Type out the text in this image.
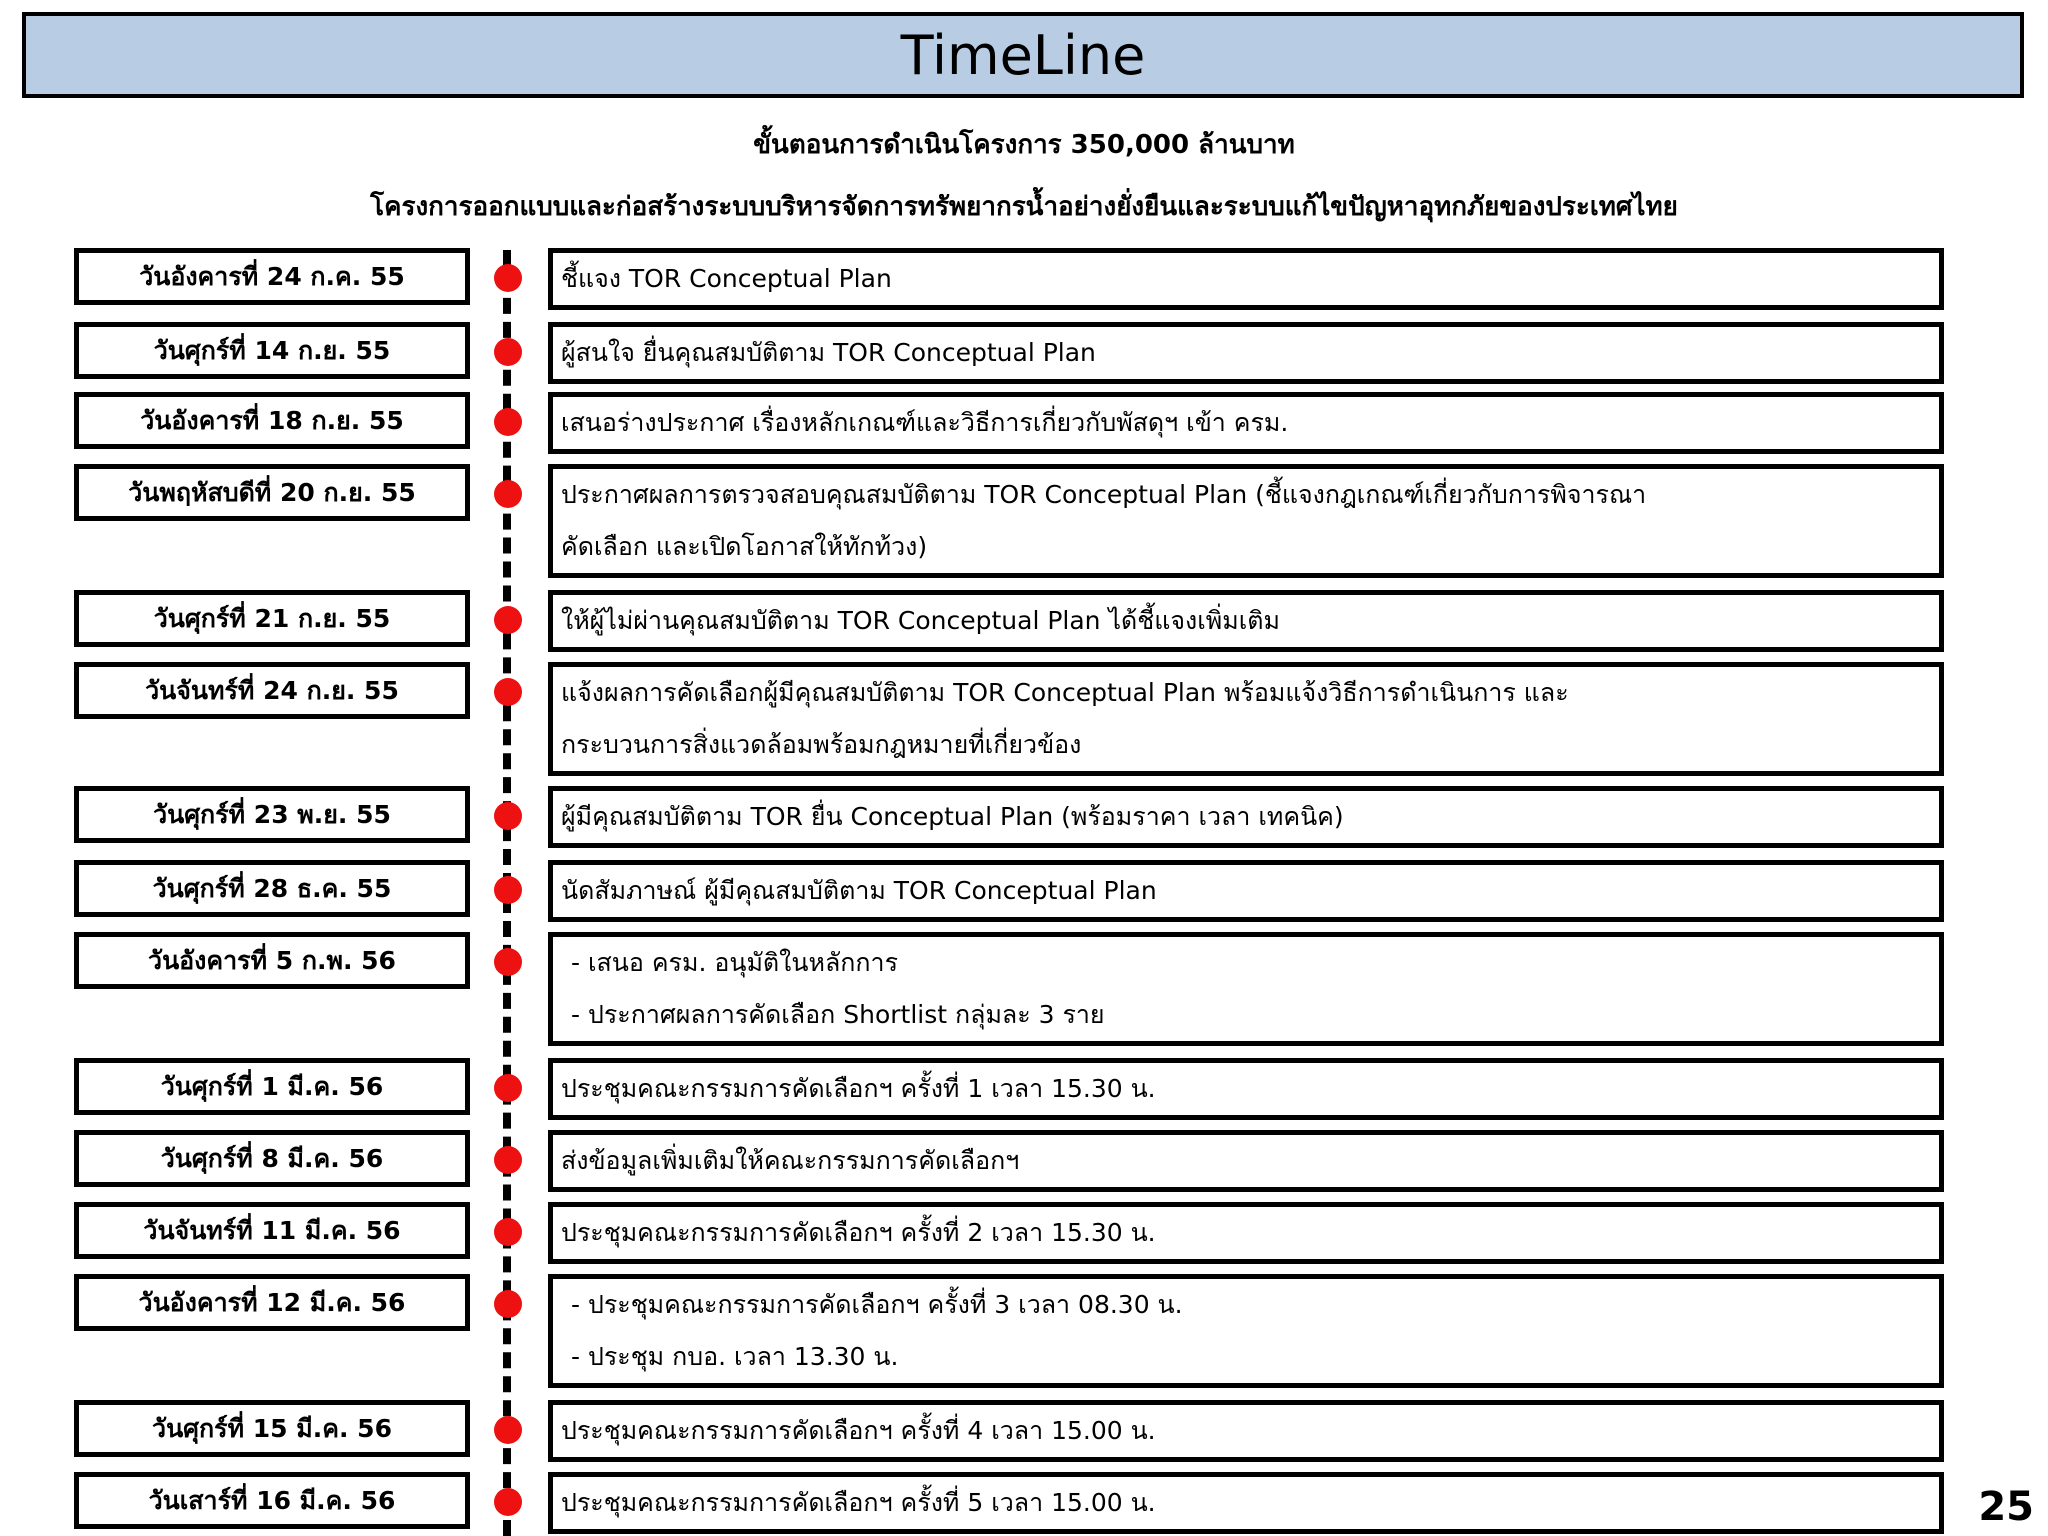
TimeLine
ขั้นตอนการดำเนินโครงการ 350,000 ล้านบาท
โครงการออกแบบและก่อสร้างระบบบริหารจัดการทรัพยากรน้ำอย่างยั่งยืนและระบบแก้ไขปัญหาอุทกภัยของประเทศไทย
วันอังคารที่ 24 ก.ค. 55	ชี้แจง TOR Conceptual Plan
วันศุกร์ที่ 14 ก.ย. 55	ผู้สนใจ ยื่นคุณสมบัติตาม TOR Conceptual Plan
วันอังคารที่ 18 ก.ย. 55	เสนอร่างประกาศ เรื่องหลักเกณฑ์และวิธีการเกี่ยวกับพัสดุฯ เข้า ครม.
วันพฤหัสบดีที่ 20 ก.ย. 55	ประกาศผลการตรวจสอบคุณสมบัติตาม TOR Conceptual Plan (ชี้แจงกฎเกณฑ์เกี่ยวกับการพิจารณา
คัดเลือก และเปิดโอกาสให้ทักท้วง)
วันศุกร์ที่ 21 ก.ย. 55	ให้ผู้ไม่ผ่านคุณสมบัติตาม TOR Conceptual Plan ได้ชี้แจงเพิ่มเติม
วันจันทร์ที่ 24 ก.ย. 55	แจ้งผลการคัดเลือกผู้มีคุณสมบัติตาม TOR Conceptual Plan พร้อมแจ้งวิธีการดำเนินการ และ
กระบวนการสิ่งแวดล้อมพร้อมกฎหมายที่เกี่ยวข้อง
วันศุกร์ที่ 23 พ.ย. 55	ผู้มีคุณสมบัติตาม TOR ยื่น Conceptual Plan (พร้อมราคา เวลา เทคนิค)
วันศุกร์ที่ 28 ธ.ค. 55	นัดสัมภาษณ์ ผู้มีคุณสมบัติตาม TOR Conceptual Plan
วันอังคารที่ 5 ก.พ. 56	- เสนอ ครม. อนุมัติในหลักการ
- ประกาศผลการคัดเลือก Shortlist กลุ่มละ 3 ราย
วันศุกร์ที่ 1 มี.ค. 56	ประชุมคณะกรรมการคัดเลือกฯ ครั้งที่ 1 เวลา 15.30 น.
วันศุกร์ที่ 8 มี.ค. 56	ส่งข้อมูลเพิ่มเติมให้คณะกรรมการคัดเลือกฯ
วันจันทร์ที่ 11 มี.ค. 56	ประชุมคณะกรรมการคัดเลือกฯ ครั้งที่ 2 เวลา 15.30 น.
วันอังคารที่ 12 มี.ค. 56	- ประชุมคณะกรรมการคัดเลือกฯ ครั้งที่ 3 เวลา 08.30 น.
- ประชุม กบอ. เวลา 13.30 น.
วันศุกร์ที่ 15 มี.ค. 56	ประชุมคณะกรรมการคัดเลือกฯ ครั้งที่ 4 เวลา 15.00 น.
วันเสาร์ที่ 16 มี.ค. 56	ประชุมคณะกรรมการคัดเลือกฯ ครั้งที่ 5 เวลา 15.00 น.	25
